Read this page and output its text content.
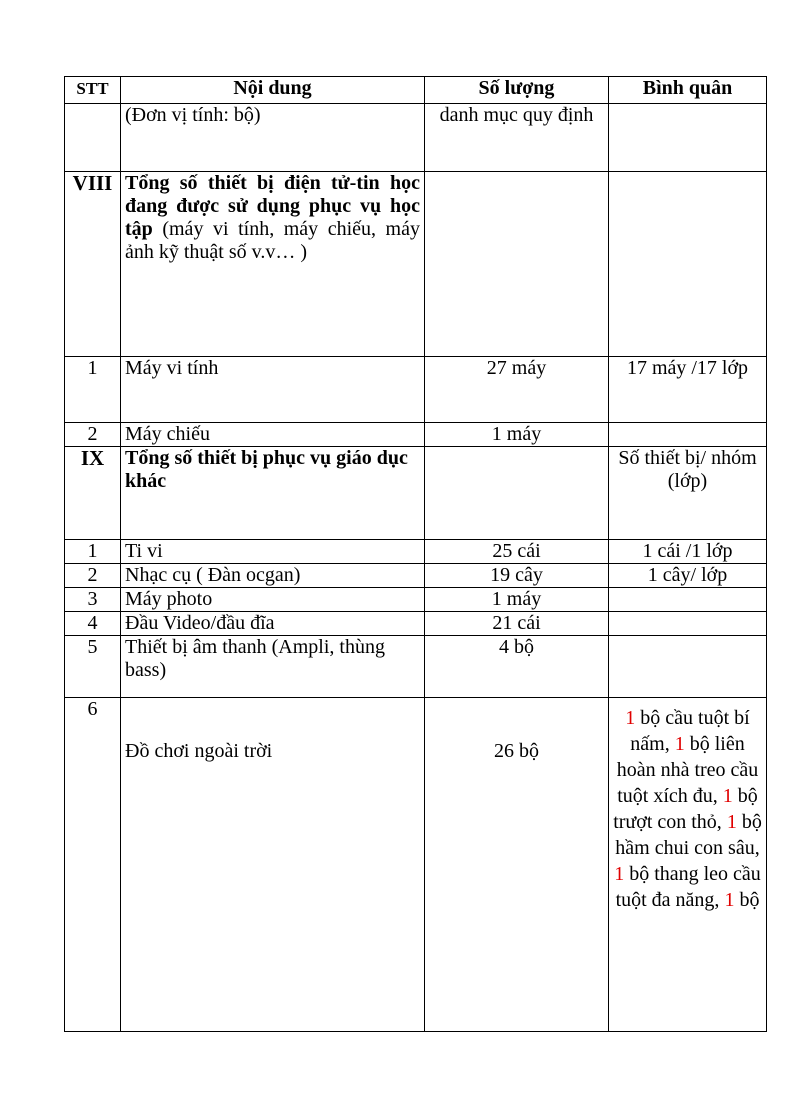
STT	Nội dung	Số lượng	Bình quân
	(Đơn vị tính: bộ)	danh mục quy định	
VIII	Tổng số thiết bị điện tử-tin học đang được sử dụng phục vụ học tập (máy vi tính, máy chiếu, máy ảnh kỹ thuật số v.v… )		
1	Máy vi tính	27 máy	17 máy /17 lớp
2	Máy chiếu	1 máy	
IX	Tổng số thiết bị phục vụ giáo dục khác		Số thiết bị/ nhóm (lớp)
1	Ti vi	25 cái	1 cái /1 lớp
2	Nhạc cụ ( Đàn ocgan)	19 cây	1 cây/ lớp
3	Máy photo	1 máy	
4	Đầu Video/đầu đĩa	21 cái	
5	Thiết bị âm thanh (Ampli, thùng bass)	4 bộ	
6	Đồ chơi ngoài trời	26 bộ	1 bộ cầu tuột bí nấm, 1 bộ liên hoàn nhà treo cầu tuột xích đu, 1 bộ trượt con thỏ, 1 bộ hầm chui con sâu, 1 bộ thang leo cầu tuột đa năng, 1 bộ
